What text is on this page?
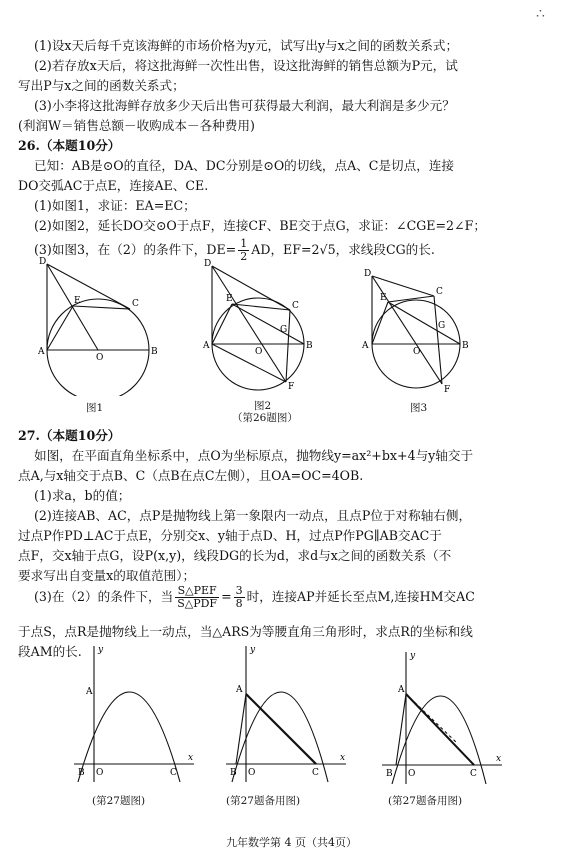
∴
(1)设x天后每千克该海鲜的市场价格为y元，试写出y与x之间的函数关系式；
(2)若存放x天后，将这批海鲜一次性出售，设这批海鲜的销售总额为P元，试
写出P与x之间的函数关系式；
(3)小李将这批海鲜存放多少天后出售可获得最大利润，最大利润是多少元？
(利润W＝销售总额－收购成本－各种费用)
26.（本题10分）
已知：AB是⊙O的直径，DA、DC分别是⊙O的切线，点A、C是切点，连接
DO交弧AC于点E，连接AE、CE.
(1)如图1，求证：EA=EC；
(2)如图2，延长DO交⊙O于点F，连接CF、BE交于点G，求证：∠CGE=2∠F；
(3)如图3，在（2）的条件下，$DE= \frac{1}{2}$ AD，EF=2√5，求线段CG的长.
D
C
E
A
O
B
图1
D
C
E
A
O
B
F
G
图2
（第26题图）
D
C
E
A
O
B
F
G
图3
27.（本题10分）
如图，在平面直角坐标系中，点O为坐标原点，抛物线y=ax²+bx+4与y轴交于
点A,与x轴交于点B、C（点B在点C左侧），且OA=OC=4OB.
(1)求a，b的值；
(2)连接AB、AC，点P是抛物线上第一象限内一动点，且点P位于对称轴右侧，
过点P作PD⊥AC于点E，分别交x、y轴于点D、H，过点P作PG∥AB交AC于
点F，交x轴于点G，设P(x,y)，线段DG的长为d，求d与x之间的函数关系（不
要求写出自变量x的取值范围）；
(3)在（2）的条件下，当 $\frac{\text{S△PEF}}{\text{S△PDF}} = \frac{3}{8}$ 时，连接AP并延长至点M,连接HM交AC
于点S，点R是抛物线上一动点，当△ARS为等腰直角三角形时，求点R的坐标和线
段AM的长. y
x
A
B O	C
(第27题图)
y
x
A
B O	C
(第27题备用图)
y
x
A
B O	C
(第27题备用图)
九年数学第 4 页（共4页）
